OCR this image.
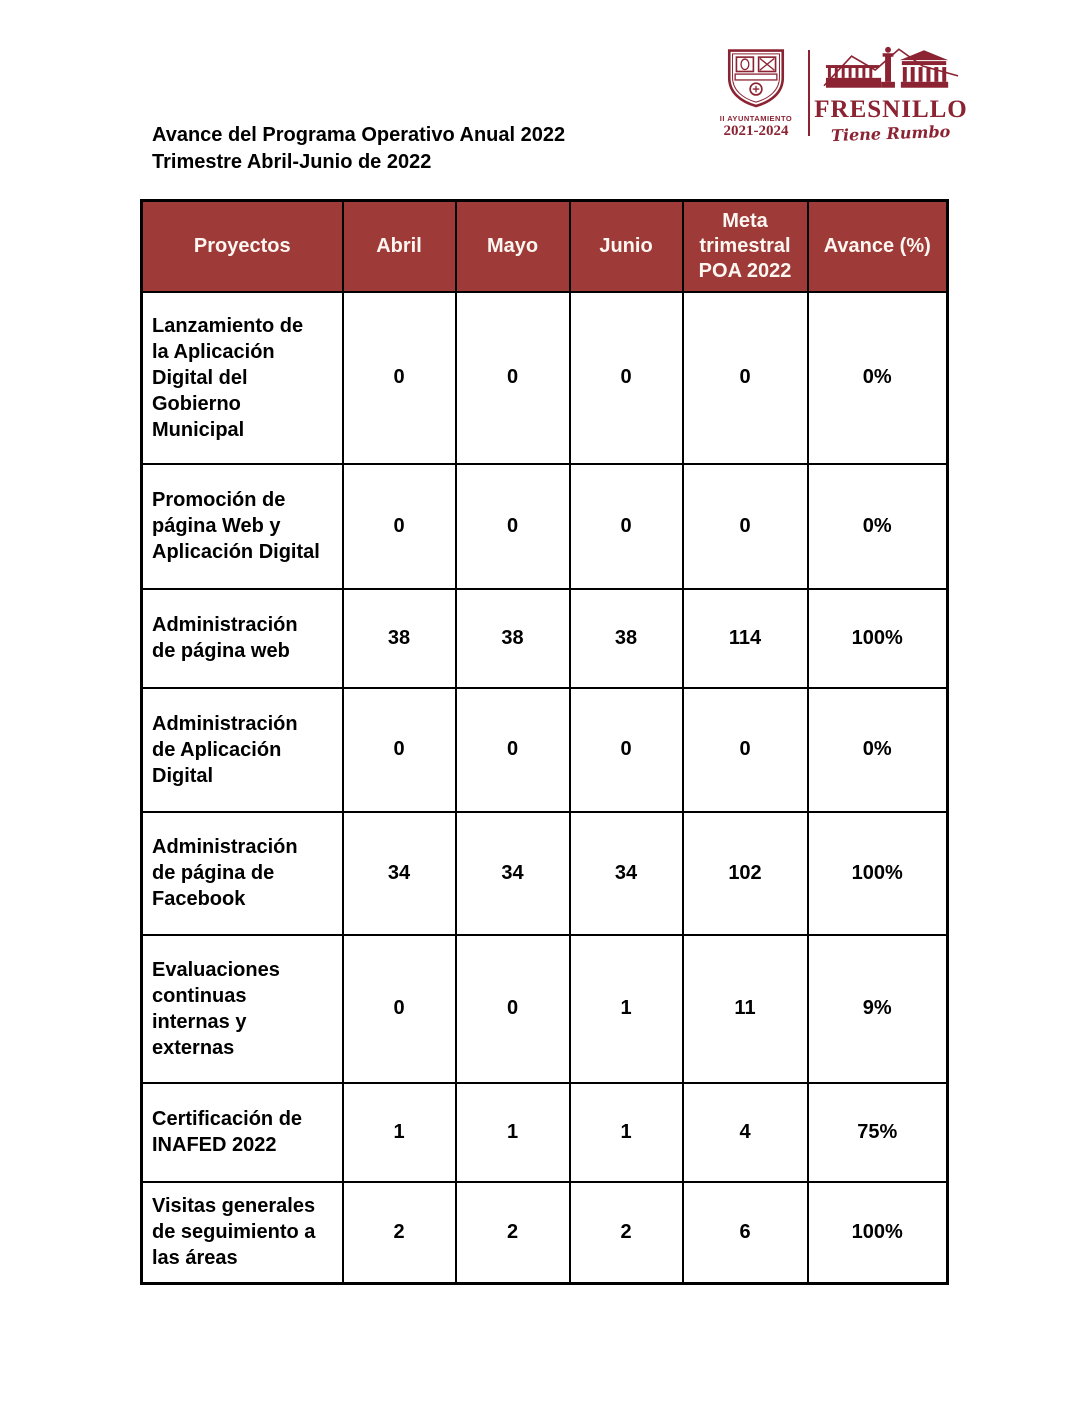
II AYUNTAMIENTO
2021-2024
FRESNILLO
Tiene Rumbo
Avance del Programa Operativo Anual 2022
Trimestre Abril-Junio de 2022
Proyectos	Abril	Mayo	Junio	Meta trimestral POA 2022	Avance (%)
Lanzamiento de la Aplicación Digital del Gobierno Municipal	0	0	0	0	0%
Promoción de página Web y Aplicación Digital	0	0	0	0	0%
Administración de página web	38	38	38	114	100%
Administración de Aplicación Digital	0	0	0	0	0%
Administración de página de Facebook	34	34	34	102	100%
Evaluaciones continuas internas y externas	0	0	1	11	9%
Certificación de INAFED 2022	1	1	1	4	75%
Visitas generales de seguimiento a las áreas	2	2	2	6	100%
